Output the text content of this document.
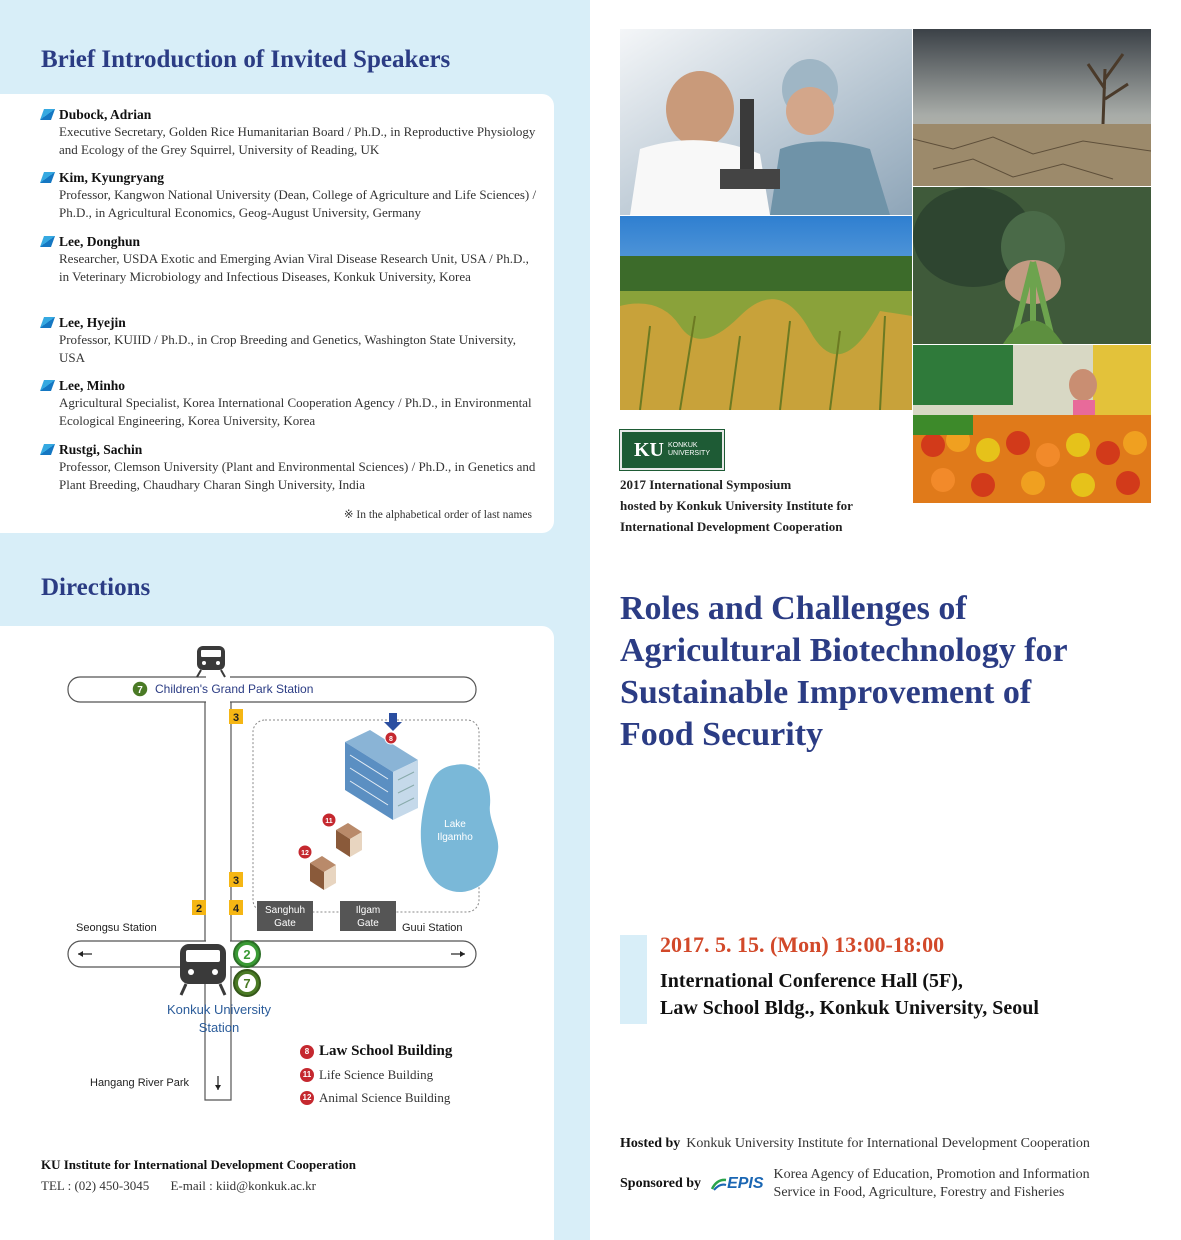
Brief Introduction of Invited Speakers
Dubock, Adrian
Executive Secretary, Golden Rice Humanitarian Board / Ph.D., in Reproductive Physiology and Ecology of the Grey Squirrel, University of Reading, UK
Kim, Kyungryang
Professor, Kangwon National University (Dean, College of Agriculture and Life Sciences) / Ph.D., in Agricultural Economics, Geog-August University, Germany
Lee, Donghun
Researcher, USDA Exotic and Emerging Avian Viral Disease Research Unit, USA / Ph.D., in Veterinary Microbiology and Infectious Diseases, Konkuk University, Korea
Lee, Hyejin
Professor, KUIID / Ph.D., in Crop Breeding and Genetics, Washington State University, USA
Lee, Minho
Agricultural Specialist, Korea International Cooperation Agency / Ph.D., in Environmental Ecological Engineering, Korea University, Korea
Rustgi, Sachin
Professor, Clemson University (Plant and Environmental Sciences) / Ph.D., in Genetics and Plant Breeding, Chaudhary Charan Singh University, India
※ In the alphabetical order of last names
Directions
7 Children's Grand Park Station
2
7
3
3
4
2
Seongsu Station	Guui Station
Konkuk University
Station
Hangang River Park
Lake
Ilgamho
8
11
12
Sanghuh
Gate
Ilgam
Gate
8 Law School Building
11 Life Science Building
12 Animal Science Building
KU Institute for International Development Cooperation
TEL : (02) 450-3045 E-mail : kiid@konkuk.ac.kr
KU KONKUK
UNIVERSITY
2017 International Symposium
hosted by Konkuk University Institute for
International Development Cooperation
Roles and Challenges of
Agricultural Biotechnology for
Sustainable Improvement of
Food Security
2017. 5. 15. (Mon) 13:00-18:00
International Conference Hall (5F),
Law School Bldg., Konkuk University, Seoul
Hosted by Konkuk University Institute for International Development Cooperation
Sponsored by EPIS
Korea Agency of Education, Promotion and Information
Service in Food, Agriculture, Forestry and Fisheries
